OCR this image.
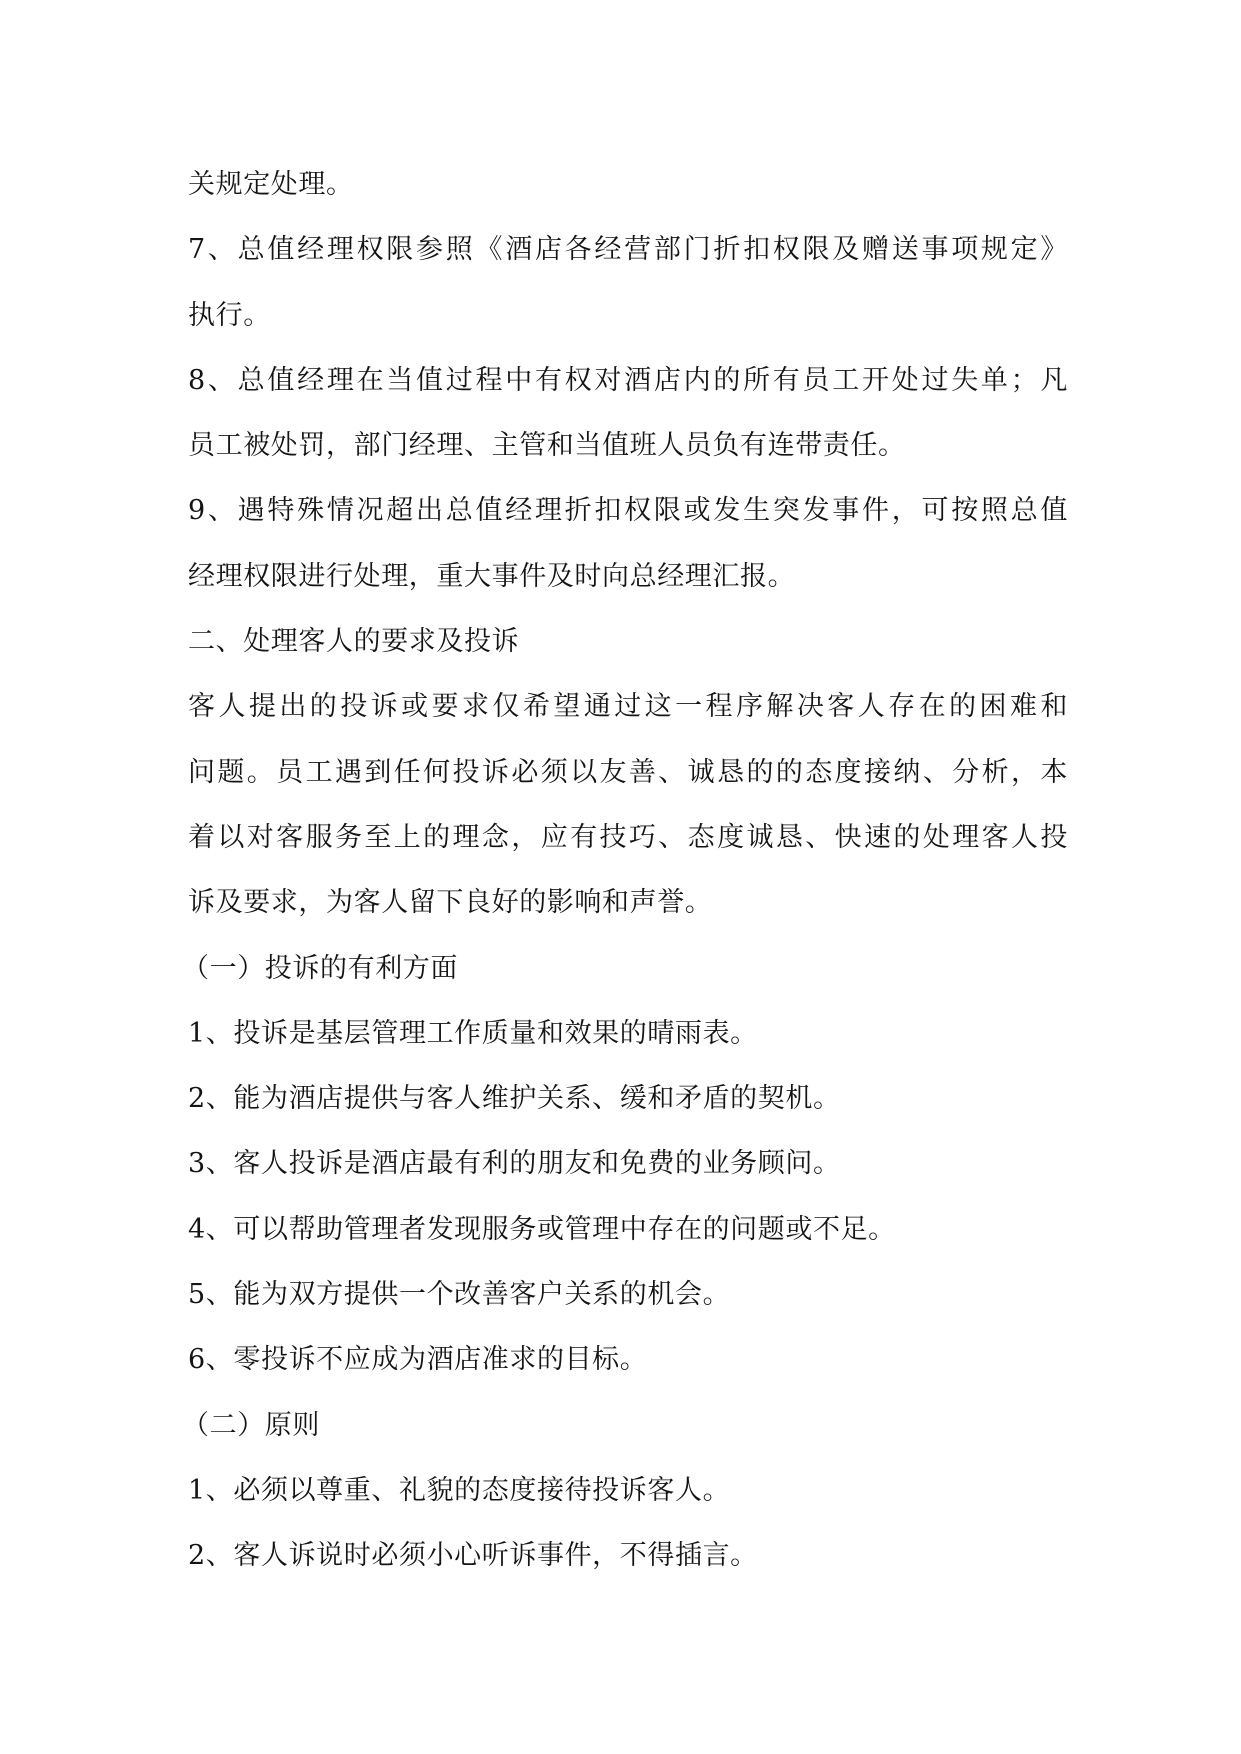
关规定处理。
7、总值经理权限参照《酒店各经营部门折扣权限及赠送事项规定》
执行。
8、总值经理在当值过程中有权对酒店内的所有员工开处过失单；凡
员工被处罚，部门经理、主管和当值班人员负有连带责任。
9、遇特殊情况超出总值经理折扣权限或发生突发事件，可按照总值
经理权限进行处理，重大事件及时向总经理汇报。
二、处理客人的要求及投诉
客人提出的投诉或要求仅希望通过这一程序解决客人存在的困难和
问题。员工遇到任何投诉必须以友善、诚恳的的态度接纳、分析，本
着以对客服务至上的理念，应有技巧、态度诚恳、快速的处理客人投
诉及要求，为客人留下良好的影响和声誉。
（一）投诉的有利方面
1、投诉是基层管理工作质量和效果的晴雨表。
2、能为酒店提供与客人维护关系、缓和矛盾的契机。
3、客人投诉是酒店最有利的朋友和免费的业务顾问。
4、可以帮助管理者发现服务或管理中存在的问题或不足。
5、能为双方提供一个改善客户关系的机会。
6、零投诉不应成为酒店准求的目标。
（二）原则
1、必须以尊重、礼貌的态度接待投诉客人。
2、客人诉说时必须小心听诉事件，不得插言。
